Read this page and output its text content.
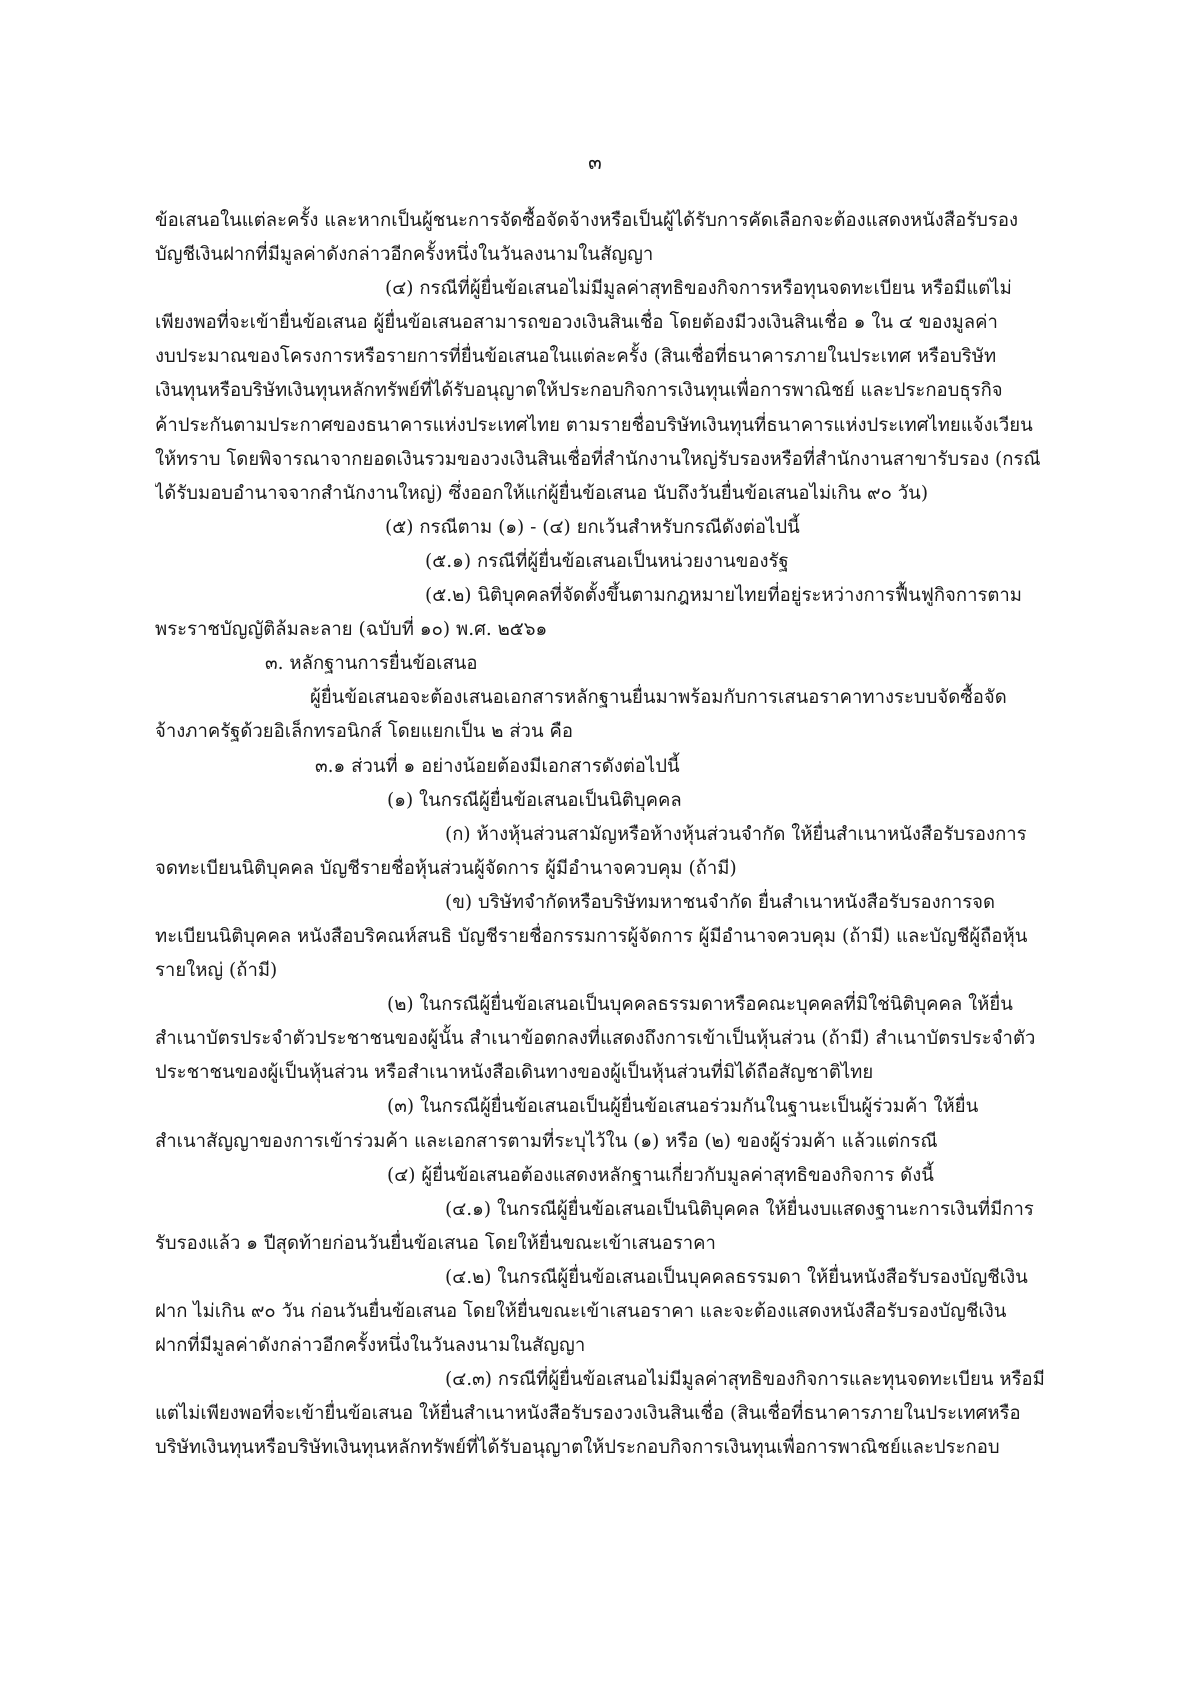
๓
ข้อเสนอในแต่ละครั้ง และหากเป็นผู้ชนะการจัดซื้อจัดจ้างหรือเป็นผู้ได้รับการคัดเลือกจะต้องแสดงหนังสือรับรอง
บัญชีเงินฝากที่มีมูลค่าดังกล่าวอีกครั้งหนึ่งในวันลงนามในสัญญา
(๔) กรณีที่ผู้ยื่นข้อเสนอไม่มีมูลค่าสุทธิของกิจการหรือทุนจดทะเบียน หรือมีแต่ไม่
เพียงพอที่จะเข้ายื่นข้อเสนอ ผู้ยื่นข้อเสนอสามารถขอวงเงินสินเชื่อ โดยต้องมีวงเงินสินเชื่อ ๑ ใน ๔ ของมูลค่า
งบประมาณของโครงการหรือรายการที่ยื่นข้อเสนอในแต่ละครั้ง (สินเชื่อที่ธนาคารภายในประเทศ หรือบริษัท
เงินทุนหรือบริษัทเงินทุนหลักทรัพย์ที่ได้รับอนุญาตให้ประกอบกิจการเงินทุนเพื่อการพาณิชย์ และประกอบธุรกิจ
ค้าประกันตามประกาศของธนาคารแห่งประเทศไทย ตามรายชื่อบริษัทเงินทุนที่ธนาคารแห่งประเทศไทยแจ้งเวียน
ให้ทราบ โดยพิจารณาจากยอดเงินรวมของวงเงินสินเชื่อที่สำนักงานใหญ่รับรองหรือที่สำนักงานสาขารับรอง (กรณี
ได้รับมอบอำนาจจากสำนักงานใหญ่) ซึ่งออกให้แก่ผู้ยื่นข้อเสนอ นับถึงวันยื่นข้อเสนอไม่เกิน ๙๐ วัน)
(๕) กรณีตาม (๑) - (๔) ยกเว้นสำหรับกรณีดังต่อไปนี้
(๕.๑) กรณีที่ผู้ยื่นข้อเสนอเป็นหน่วยงานของรัฐ
(๕.๒) นิติบุคคลที่จัดตั้งขึ้นตามกฎหมายไทยที่อยู่ระหว่างการฟื้นฟูกิจการตาม
พระราชบัญญัติล้มละลาย (ฉบับที่ ๑๐) พ.ศ. ๒๕๖๑
๓. หลักฐานการยื่นข้อเสนอ
ผู้ยื่นข้อเสนอจะต้องเสนอเอกสารหลักฐานยื่นมาพร้อมกับการเสนอราคาทางระบบจัดซื้อจัด
จ้างภาครัฐด้วยอิเล็กทรอนิกส์ โดยแยกเป็น ๒ ส่วน คือ
๓.๑ ส่วนที่ ๑ อย่างน้อยต้องมีเอกสารดังต่อไปนี้
(๑) ในกรณีผู้ยื่นข้อเสนอเป็นนิติบุคคล
(ก) ห้างหุ้นส่วนสามัญหรือห้างหุ้นส่วนจำกัด ให้ยื่นสำเนาหนังสือรับรองการ
จดทะเบียนนิติบุคคล บัญชีรายชื่อหุ้นส่วนผู้จัดการ ผู้มีอำนาจควบคุม (ถ้ามี)
(ข) บริษัทจำกัดหรือบริษัทมหาชนจำกัด ยื่นสำเนาหนังสือรับรองการจด
ทะเบียนนิติบุคคล หนังสือบริคณห์สนธิ บัญชีรายชื่อกรรมการผู้จัดการ ผู้มีอำนาจควบคุม (ถ้ามี) และบัญชีผู้ถือหุ้น
รายใหญ่ (ถ้ามี)
(๒) ในกรณีผู้ยื่นข้อเสนอเป็นบุคคลธรรมดาหรือคณะบุคคลที่มิใช่นิติบุคคล ให้ยื่น
สำเนาบัตรประจำตัวประชาชนของผู้นั้น สำเนาข้อตกลงที่แสดงถึงการเข้าเป็นหุ้นส่วน (ถ้ามี) สำเนาบัตรประจำตัว
ประชาชนของผู้เป็นหุ้นส่วน หรือสำเนาหนังสือเดินทางของผู้เป็นหุ้นส่วนที่มิได้ถือสัญชาติไทย
(๓) ในกรณีผู้ยื่นข้อเสนอเป็นผู้ยื่นข้อเสนอร่วมกันในฐานะเป็นผู้ร่วมค้า ให้ยื่น
สำเนาสัญญาของการเข้าร่วมค้า และเอกสารตามที่ระบุไว้ใน (๑) หรือ (๒) ของผู้ร่วมค้า แล้วแต่กรณี
(๔) ผู้ยื่นข้อเสนอต้องแสดงหลักฐานเกี่ยวกับมูลค่าสุทธิของกิจการ ดังนี้
(๔.๑) ในกรณีผู้ยื่นข้อเสนอเป็นนิติบุคคล ให้ยื่นงบแสดงฐานะการเงินที่มีการ
รับรองแล้ว ๑ ปีสุดท้ายก่อนวันยื่นข้อเสนอ โดยให้ยื่นขณะเข้าเสนอราคา
(๔.๒) ในกรณีผู้ยื่นข้อเสนอเป็นบุคคลธรรมดา ให้ยื่นหนังสือรับรองบัญชีเงิน
ฝาก ไม่เกิน ๙๐ วัน ก่อนวันยื่นข้อเสนอ โดยให้ยื่นขณะเข้าเสนอราคา และจะต้องแสดงหนังสือรับรองบัญชีเงิน
ฝากที่มีมูลค่าดังกล่าวอีกครั้งหนึ่งในวันลงนามในสัญญา
(๔.๓) กรณีที่ผู้ยื่นข้อเสนอไม่มีมูลค่าสุทธิของกิจการและทุนจดทะเบียน หรือมี
แต่ไม่เพียงพอที่จะเข้ายื่นข้อเสนอ ให้ยื่นสำเนาหนังสือรับรองวงเงินสินเชื่อ (สินเชื่อที่ธนาคารภายในประเทศหรือ
บริษัทเงินทุนหรือบริษัทเงินทุนหลักทรัพย์ที่ได้รับอนุญาตให้ประกอบกิจการเงินทุนเพื่อการพาณิชย์และประกอบ
